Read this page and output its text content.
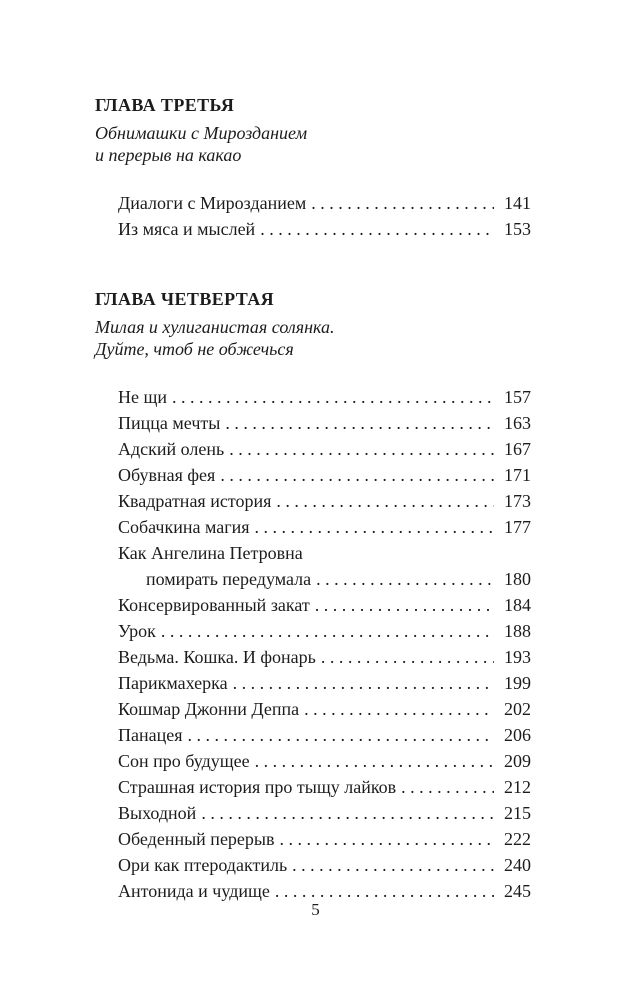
ГЛАВА ТРЕТЬЯ
Обнимашки с Мирозданием
и перерыв на какао
Диалоги с Мирозданием . . .	141
Из мяса и мыслей . . .	153
ГЛАВА ЧЕТВЕРТАЯ
Милая и хулиганистая солянка.
Дуйте, чтоб не обжечься
Не щи . . .	157
Пицца мечты . . .	163
Адский олень . . .	167
Обувная фея . . .	171
Квадратная история . . .	173
Собачкина магия . . .	177
Как Ангелина Петровна
помирать передумала . . .	180
Консервированный закат . . .	184
Урок . . .	188
Ведьма. Кошка. И фонарь . . .	193
Парикмахерка . . .	199
Кошмар Джонни Деппа . . .	202
Панацея . . .	206
Сон про будущее . . .	209
Страшная история про тыщу лайков . . .	212
Выходной . . .	215
Обеденный перерыв . . .	222
Ори как птеродактиль . . .	240
Антонида и чудище . . .	245
5
